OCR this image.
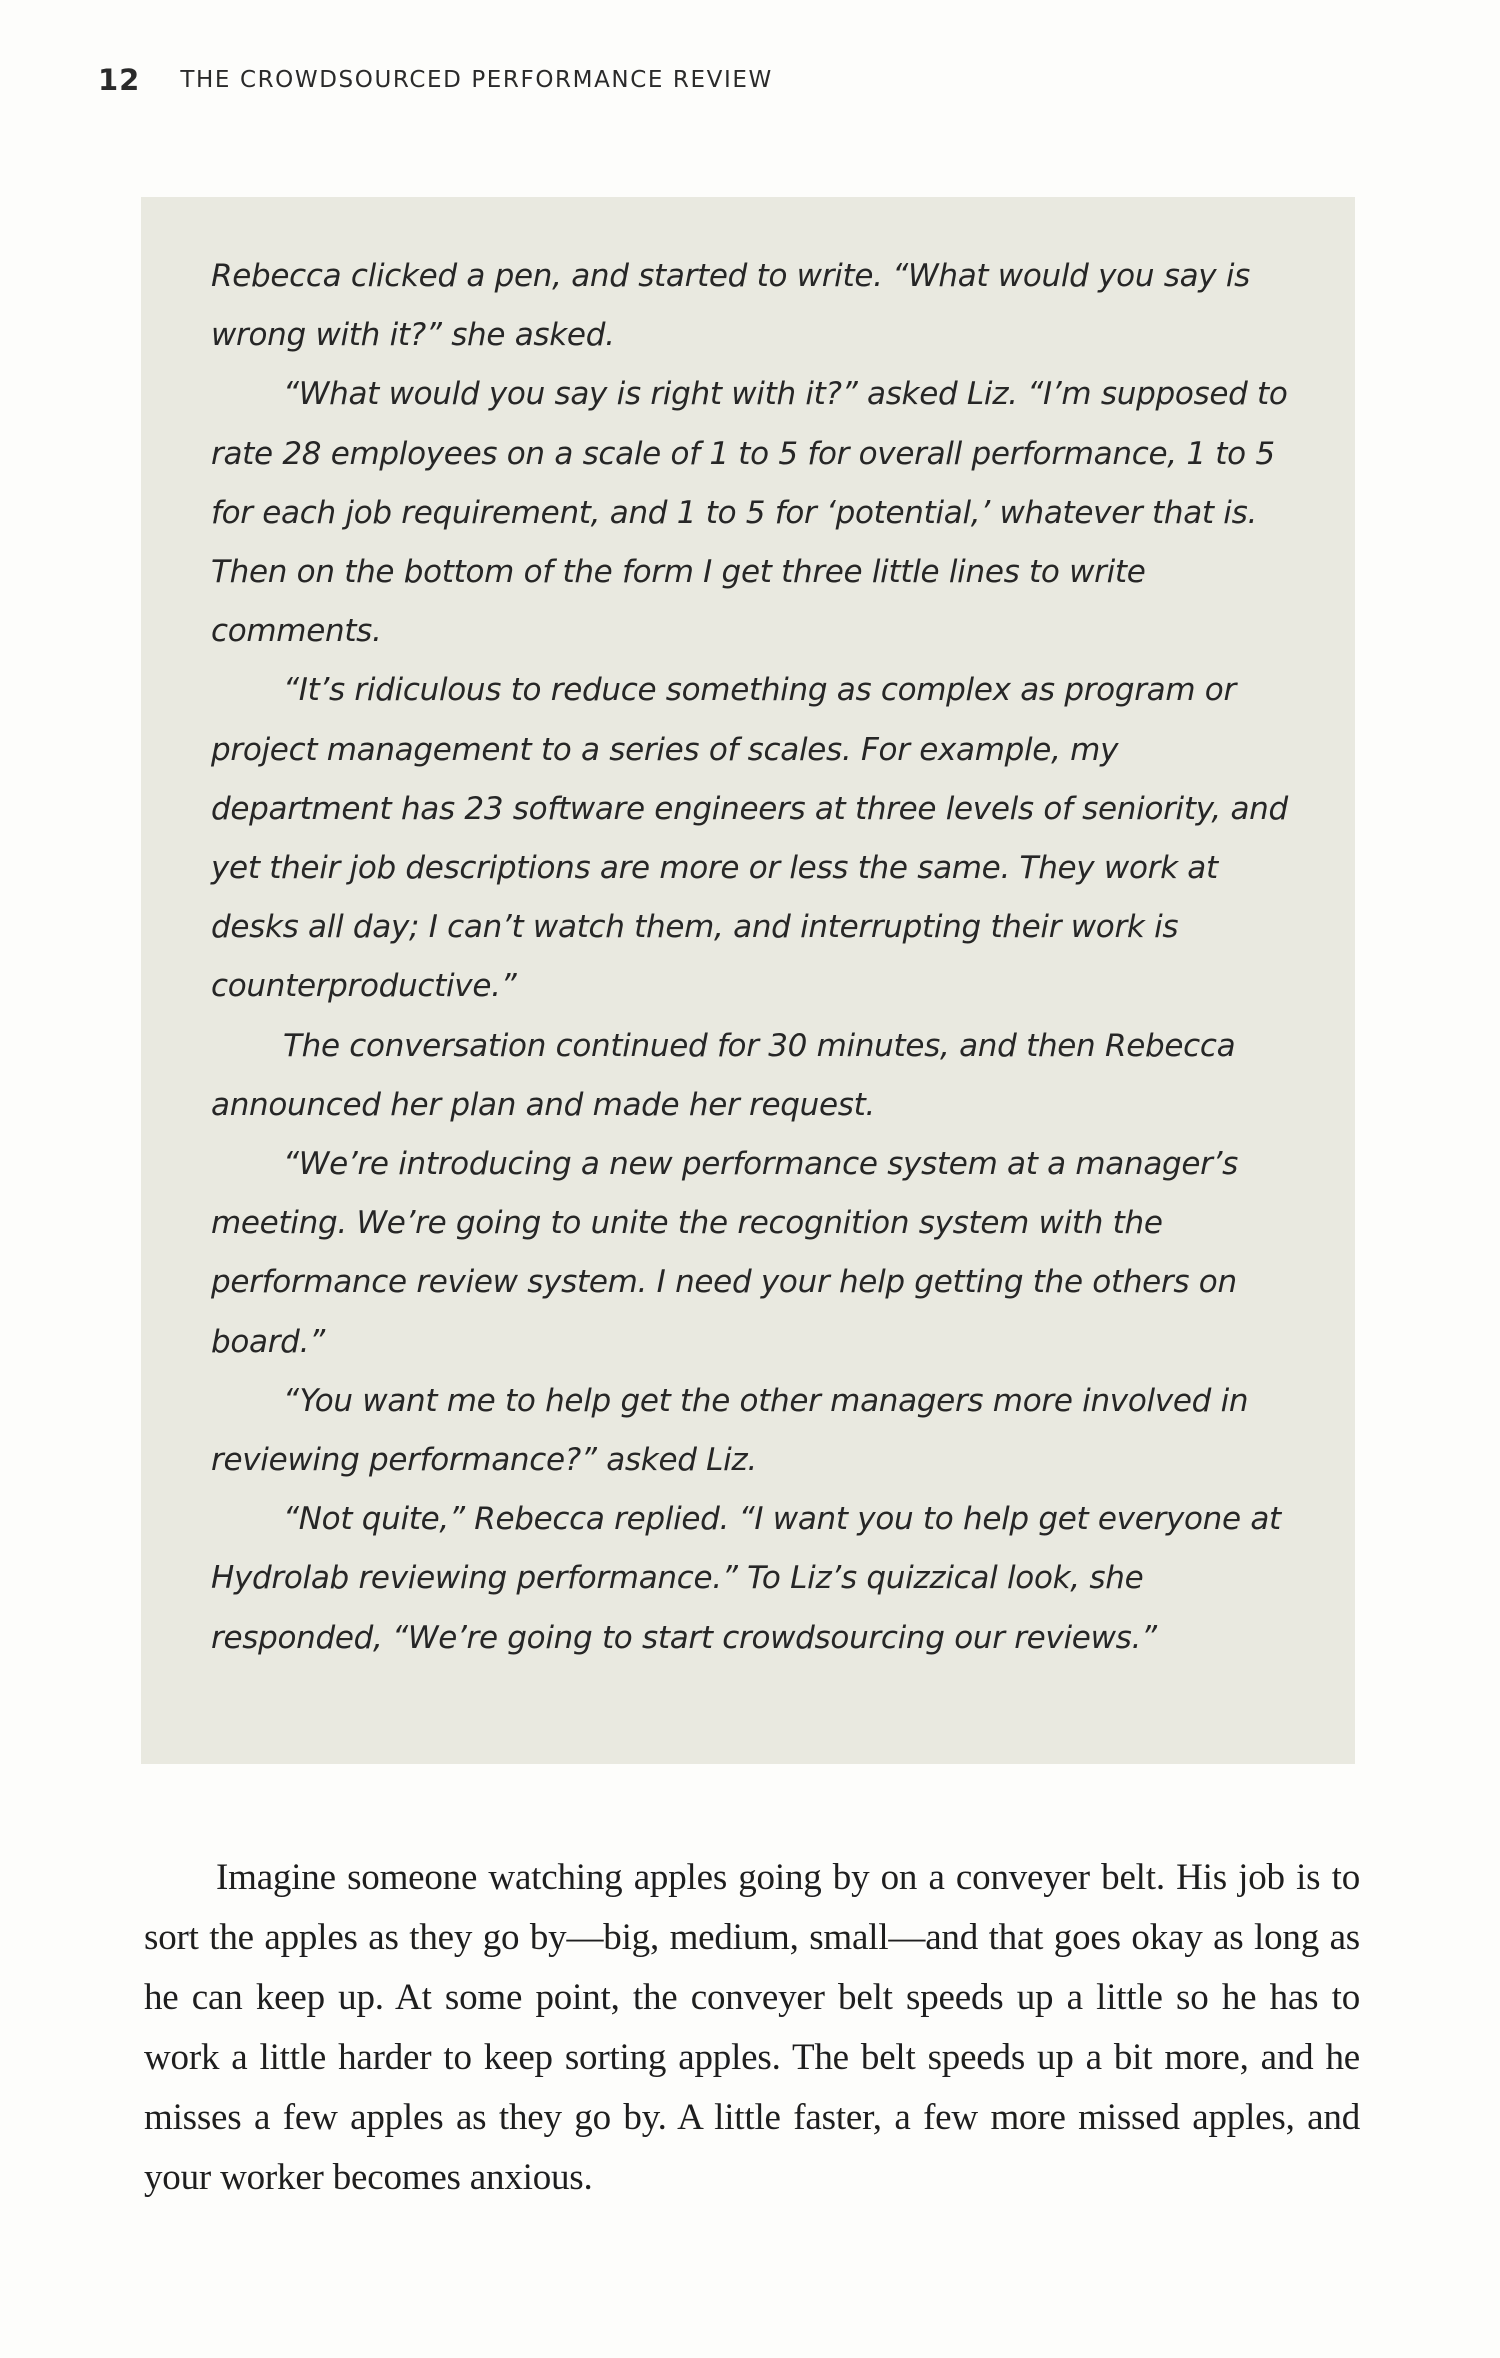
12 THE CROWDSOURCED PERFORMANCE REVIEW

Rebecca clicked a pen, and started to write. “What would you say is wrong with it?” she asked.

“What would you say is right with it?” asked Liz. “I’m supposed to rate 28 employees on a scale of 1 to 5 for overall performance, 1 to 5 for each job requirement, and 1 to 5 for ‘potential,’ whatever that is. Then on the bottom of the form I get three little lines to write comments.

“It’s ridiculous to reduce something as complex as program or project management to a series of scales. For example, my department has 23 software engineers at three levels of seniority, and yet their job descriptions are more or less the same. They work at desks all day; I can’t watch them, and interrupting their work is counterproductive.”

The conversation continued for 30 minutes, and then Rebecca announced her plan and made her request.

“We’re introducing a new performance system at a manager’s meeting. We’re going to unite the recognition system with the performance review system. I need your help getting the others on board.”

“You want me to help get the other managers more involved in reviewing performance?” asked Liz.

“Not quite,” Rebecca replied. “I want you to help get everyone at Hydrolab reviewing performance.” To Liz’s quizzical look, she responded, “We’re going to start crowdsourcing our reviews.”

Imagine someone watching apples going by on a conveyer belt. His job is to sort the apples as they go by—big, medium, small—and that goes okay as long as he can keep up. At some point, the conveyer belt speeds up a little so he has to work a little harder to keep sorting apples. The belt speeds up a bit more, and he misses a few apples as they go by. A little faster, a few more missed apples, and your worker becomes anxious.
